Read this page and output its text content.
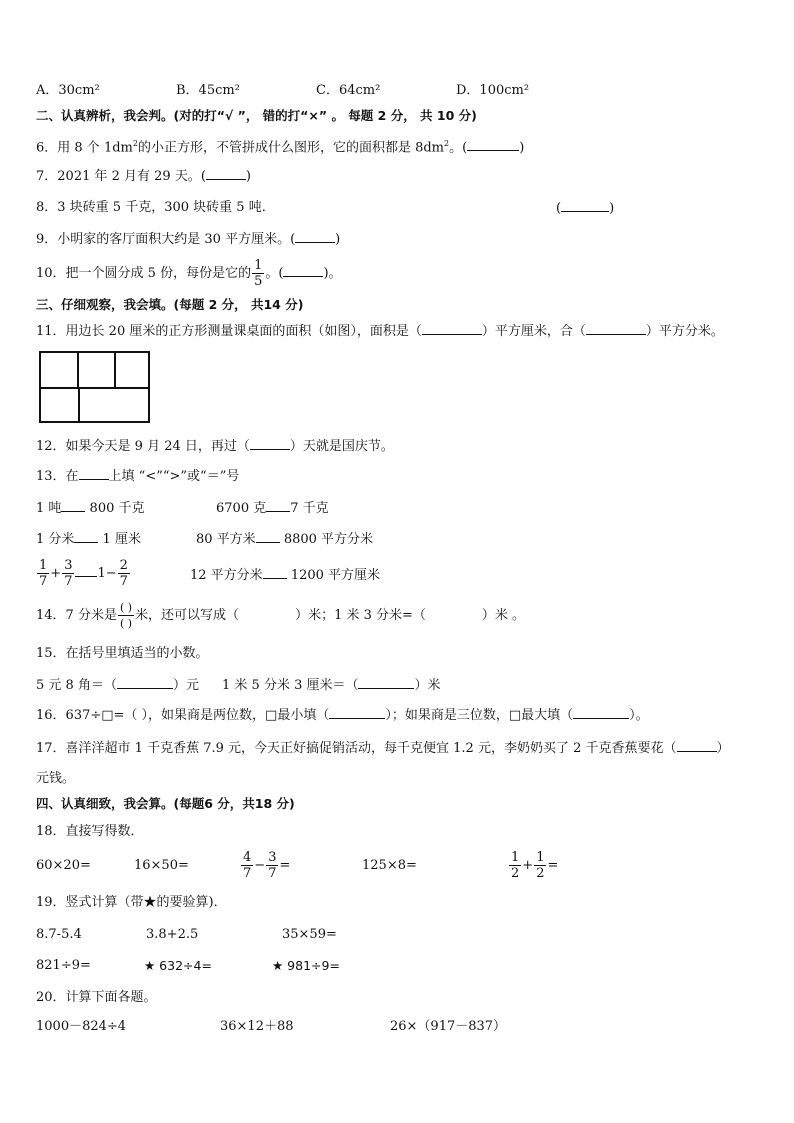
A．30cm²	B．45cm²	C．64cm²	D．100cm²
二、认真辨析，我会判。(对的打“√ ”， 错的打“×” 。 每题 2 分， 共 10 分)
6．用 8 个 $1dm^2$的小正方形，不管拼成什么图形，它的面积都是 $8dm^2$。(	)
7．2021 年 2 月有 29 天。(	)
8．3 块砖重 5 千克，300 块砖重 5 吨．	(	)
9．小明家的客厅面积大约是 30 平方厘米。(	)
10．把一个圆分成 5 份，每份是它的 $\frac{1}{5}$ 。(	)。
三、仔细观察，我会填。(每题 2 分， 共14 分)
11．用边长 20 厘米的正方形测量课桌面的面积（如图），面积是（	）平方厘米，合（	）平方分米。
12．如果今天是 9 月 24 日，再过（	）天就是国庆节。
13．在 上填 “<”“>”或“＝”号
1 吨 800 千克	6700 克 7 千克
1 分米 1 厘米	80 平方米 8800 平方分米
$\frac{1}{7} + \frac{3}{7} 1- \frac{2}{7}$	12 平方分米 1200 平方厘米
14．7 分米是 $\frac{( )}{( )}$ 米，还可以写成（	）米；1 米 3 分米=（	）米 。
15．在括号里填适当的小数。
5 元 8 角＝（	）元 1 米 5 分米 3 厘米＝（	）米
16．637÷□=（ ），如果商是两位数，□最小填（	）；如果商是三位数，□最大填（	）。
17．喜洋洋超市 1 千克香蕉 7.9 元，今天正好搞促销活动，每千克便宜 1.2 元，李奶奶买了 2 千克香蕉要花（	）
元钱。
四、认真细致，我会算。(每题6 分，共18 分)
18．直接写得数．
60×20=	16×50=	$\frac{4}{7} - \frac{3}{7}$ =	125×8=	$\frac{1}{2} + \frac{1}{2}$ =
19．竖式计算（带★的要验算)．
8.7-5.4	3.8+2.5	35×59=
821÷9=	★ 632÷4=	★ 981÷9=
20．计算下面各题。
1000－824÷4	36×12＋88	26×（917－837）
